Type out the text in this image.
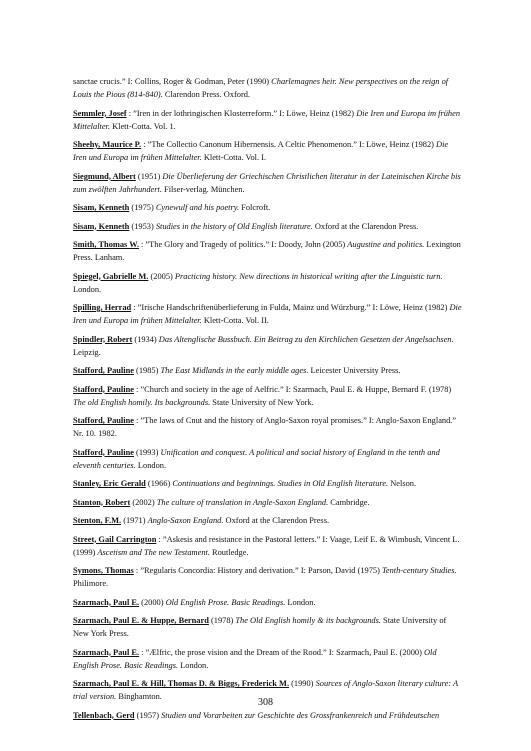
sanctae crucis.” I: Collins, Roger & Godman, Peter (1990) Charlemagnes heir. New perspectives on the reign of Louis the Pious (814-840). Clarendon Press. Oxford.

Semmler, Josef : ”Iren in der lothringischen Klosterreform.” I: Löwe, Heinz (1982) Die Iren und Europa im frühen Mittelalter. Klett-Cotta. Vol. 1.

Sheehy, Maurice P. : ”The Collectio Canonum Hibernensis. A Celtic Phenomenon.” I: Löwe, Heinz (1982) Die Iren und Europa im frühen Mittelalter. Klett-Cotta. Vol. I.

Siegmund, Albert (1951) Die Überlieferung der Griechischen Christlichen literatur in der Lateinischen Kirche bis zum zwölften Jahrhundert. Filser-verlag. München.

Sisam, Kenneth (1975) Cynewulf and his poetry. Folcroft.

Sisam, Kenneth (1953) Studies in the history of Old English literature. Oxford at the Clarendon Press.

Smith, Thomas W. : ”The Glory and Tragedy of politics.” I: Doody, John (2005) Augustine and politics. Lexington Press. Lanham.

Spiegel, Gabrielle M. (2005) Practicing history. New directions in historical writing after the Linguistic turn. London.

Spilling, Herrad : ”Irische Handschriftenüberlieferung in Fulda, Mainz und Würzburg.” I: Löwe, Heinz (1982) Die Iren und Europa im frühen Mittelalter. Klett-Cotta. Vol. II.

Spindler, Robert (1934) Das Altenglische Bussbuch. Ein Beitrag zu den Kirchlichen Gesetzen der Angelsachsen. Leipzig.

Stafford, Pauline (1985) The East Midlands in the early middle ages. Leicester University Press.

Stafford, Pauline : ”Church and society in the age of Aelfric.” I: Szarmach, Paul E. & Huppe, Bernard F. (1978) The old English homily. Its backgrounds. State University of New York.

Stafford, Pauline : ”The laws of Cnut and the history of Anglo-Saxon royal promises.” I: Anglo-Saxon England.” Nr. 10. 1982.

Stafford, Pauline (1993) Unification and conquest. A political and social history of England in the tenth and eleventh centuries. London.

Stanley, Eric Gerald (1966) Continuations and beginnings. Studies in Old English literature. Nelson.

Stanton, Robert (2002) The culture of translation in Angle-Saxon England. Cambridge.

Stenton, F.M. (1971) Anglo-Saxon England. Oxford at the Clarendon Press.

Street, Gail Carrington : ”Askesis and resistance in the Pastoral letters.” I: Vaage, Leif E. & Wimbush, Vincent L. (1999) Ascetism and The new Testament. Routledge.

Symons, Thomas : ”Regularis Concordia: History and derivation.” I: Parson, David (1975) Tenth-century Studies. Philimore.

Szarmach, Paul E. (2000) Old English Prose. Basic Readings. London.

Szarmach, Paul E. & Huppe, Bernard (1978) The Old English homily & its backgrounds. State University of New York Press.

Szarmach, Paul E. : ”Ælfric, the prose vision and the Dream of the Rood.” I: Szarmach, Paul E. (2000) Old English Prose. Basic Readings. London.

Szarmach, Paul E. & Hill, Thomas D. & Biggs, Frederick M. (1990) Sources of Anglo-Saxon literary culture: A trial version. Binghamton.

Tellenbach, Gerd (1957) Studien und Vorarbeiten zur Geschichte des Grossfrankenreich und Frühdeutschen

308
